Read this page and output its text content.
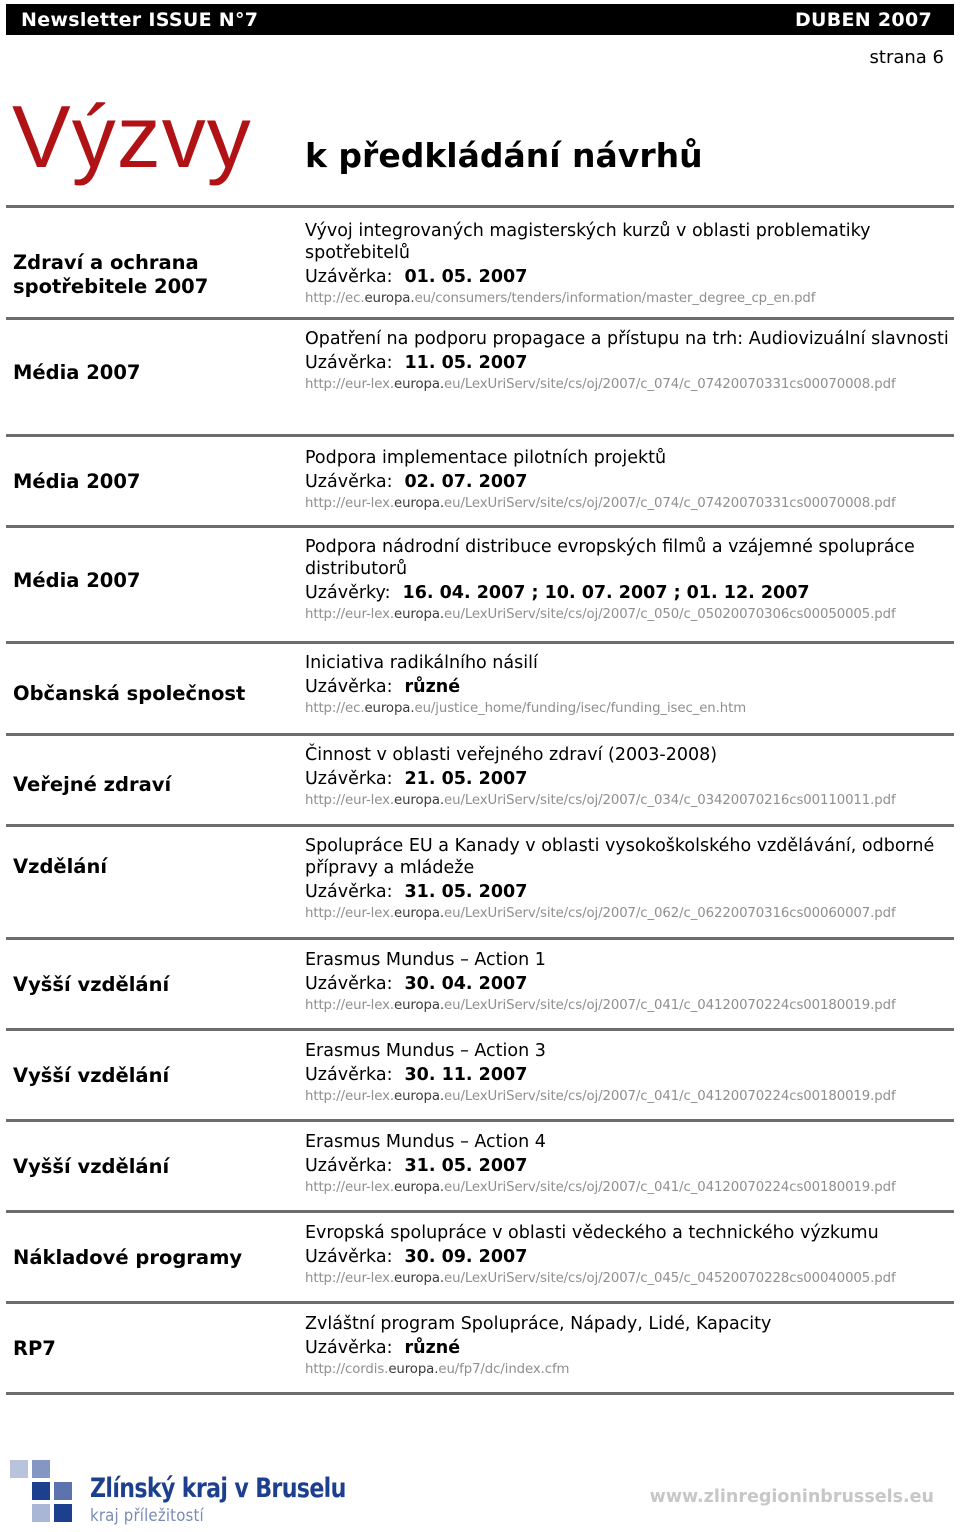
Newsletter ISSUE N°7	DUBEN 2007
strana 6
Výzvy k předkládání návrhů
Zdraví a ochrana spotřebitele 2007
Vývoj integrovaných magisterských kurzů v oblasti problematiky spotřebitelů
Uzávěrka: 01. 05. 2007
http://ec.europa.eu/consumers/tenders/information/master_degree_cp_en.pdf
Média 2007
Opatření na podporu propagace a přístupu na trh: Audiovizuální slavnosti
Uzávěrka: 11. 05. 2007
http://eur-lex.europa.eu/LexUriServ/site/cs/oj/2007/c_074/c_07420070331cs00070008.pdf
Média 2007
Podpora implementace pilotních projektů
Uzávěrka: 02. 07. 2007
http://eur-lex.europa.eu/LexUriServ/site/cs/oj/2007/c_074/c_07420070331cs00070008.pdf
Média 2007
Podpora nádrodní distribuce evropských filmů a vzájemné spolupráce distributorů
Uzávěrky: 16. 04. 2007 ; 10. 07. 2007 ; 01. 12. 2007
http://eur-lex.europa.eu/LexUriServ/site/cs/oj/2007/c_050/c_05020070306cs00050005.pdf
Občanská společnost
Iniciativa radikálního násilí
Uzávěrka: různé
http://ec.europa.eu/justice_home/funding/isec/funding_isec_en.htm
Veřejné zdraví
Činnost v oblasti veřejného zdraví (2003-2008)
Uzávěrka: 21. 05. 2007
http://eur-lex.europa.eu/LexUriServ/site/cs/oj/2007/c_034/c_03420070216cs00110011.pdf
Vzdělání
Spolupráce EU a Kanady v oblasti vysokoškolského vzdělávání, odborné přípravy a mládeže
Uzávěrka: 31. 05. 2007
http://eur-lex.europa.eu/LexUriServ/site/cs/oj/2007/c_062/c_06220070316cs00060007.pdf
Vyšší vzdělání
Erasmus Mundus – Action 1
Uzávěrka: 30. 04. 2007
http://eur-lex.europa.eu/LexUriServ/site/cs/oj/2007/c_041/c_04120070224cs00180019.pdf
Vyšší vzdělání
Erasmus Mundus – Action 3
Uzávěrka: 30. 11. 2007
http://eur-lex.europa.eu/LexUriServ/site/cs/oj/2007/c_041/c_04120070224cs00180019.pdf
Vyšší vzdělání
Erasmus Mundus – Action 4
Uzávěrka: 31. 05. 2007
http://eur-lex.europa.eu/LexUriServ/site/cs/oj/2007/c_041/c_04120070224cs00180019.pdf
Nákladové programy
Evropská spolupráce v oblasti vědeckého a technického výzkumu
Uzávěrka: 30. 09. 2007
http://eur-lex.europa.eu/LexUriServ/site/cs/oj/2007/c_045/c_04520070228cs00040005.pdf
RP7
Zvláštní program Spolupráce, Nápady, Lidé, Kapacity
Uzávěrka: různé
http://cordis.europa.eu/fp7/dc/index.cfm
Zlínský kraj v Bruselu
kraj příležitostí
www.zlinregioninbrussels.eu
